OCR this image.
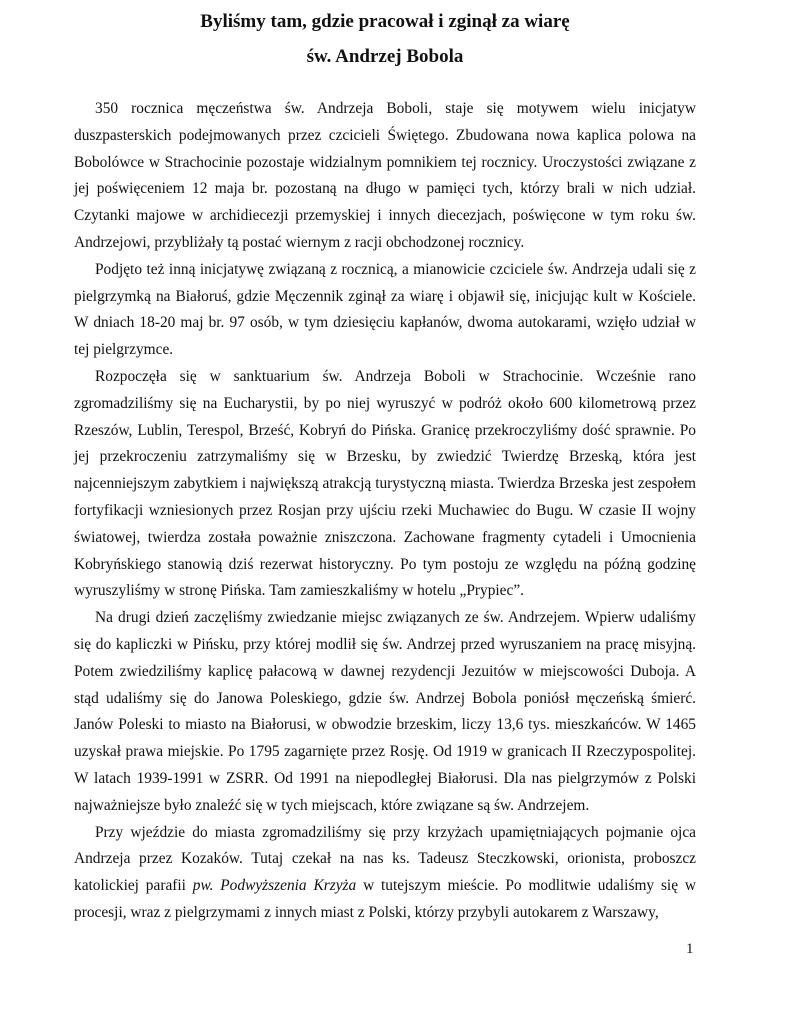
Byliśmy tam, gdzie pracował i zginął za wiarę
św. Andrzej Bobola

350 rocznica męczeństwa św. Andrzeja Boboli, staje się motywem wielu inicjatyw duszpasterskich podejmowanych przez czcicieli Świętego. Zbudowana nowa kaplica polowa na Bobolówce w Strachocinie pozostaje widzialnym pomnikiem tej rocznicy. Uroczystości związane z jej poświęceniem 12 maja br. pozostaną na długo w pamięci tych, którzy brali w nich udział. Czytanki majowe w archidiecezji przemyskiej i innych diecezjach, poświęcone w tym roku św. Andrzejowi, przybliżały tą postać wiernym z racji obchodzonej rocznicy.

Podjęto też inną inicjatywę związaną z rocznicą, a mianowicie czciciele św. Andrzeja udali się z pielgrzymką na Białoruś, gdzie Męczennik zginął za wiarę i objawił się, inicjując kult w Kościele. W dniach 18-20 maj br. 97 osób, w tym dziesięciu kapłanów, dwoma autokarami, wzięło udział w tej pielgrzymce.

Rozpoczęła się w sanktuarium św. Andrzeja Boboli w Strachocinie. Wcześnie rano zgromadziliśmy się na Eucharystii, by po niej wyruszyć w podróż około 600 kilometrową przez Rzeszów, Lublin, Terespol, Brześć, Kobryń do Pińska. Granicę przekroczyliśmy dość sprawnie. Po jej przekroczeniu zatrzymaliśmy się w Brzesku, by zwiedzić Twierdzę Brzeską, która jest najcenniejszym zabytkiem i największą atrakcją turystyczną miasta. Twierdza Brzeska jest zespołem fortyfikacji wzniesionych przez Rosjan przy ujściu rzeki Muchawiec do Bugu. W czasie II wojny światowej, twierdza została poważnie zniszczona. Zachowane fragmenty cytadeli i Umocnienia Kobryńskiego stanowią dziś rezerwat historyczny. Po tym postoju ze względu na późną godzinę wyruszyliśmy w stronę Pińska. Tam zamieszkaliśmy w hotelu „Prypiec”.

Na drugi dzień zaczęliśmy zwiedzanie miejsc związanych ze św. Andrzejem. Wpierw udaliśmy się do kapliczki w Pińsku, przy której modlił się św. Andrzej przed wyruszaniem na pracę misyjną. Potem zwiedziliśmy kaplicę pałacową w dawnej rezydencji Jezuitów w miejscowości Duboja. A stąd udaliśmy się do Janowa Poleskiego, gdzie św. Andrzej Bobola poniósł męczeńską śmierć. Janów Poleski to miasto na Białorusi, w obwodzie brzeskim, liczy 13,6 tys. mieszkańców. W 1465 uzyskał prawa miejskie. Po 1795 zagarnięte przez Rosję. Od 1919 w granicach II Rzeczypospolitej. W latach 1939-1991 w ZSRR. Od 1991 na niepodległej Białorusi. Dla nas pielgrzymów z Polski najważniejsze było znaleźć się w tych miejscach, które związane są św. Andrzejem.

Przy wjeździe do miasta zgromadziliśmy się przy krzyżach upamiętniających pojmanie ojca Andrzeja przez Kozaków. Tutaj czekał na nas ks. Tadeusz Steczkowski, orionista, proboszcz katolickiej parafii pw. Podwyższenia Krzyża w tutejszym mieście. Po modlitwie udaliśmy się w procesji, wraz z pielgrzymami z innych miast z Polski, którzy przybyli autokarem z Warszawy,

1
